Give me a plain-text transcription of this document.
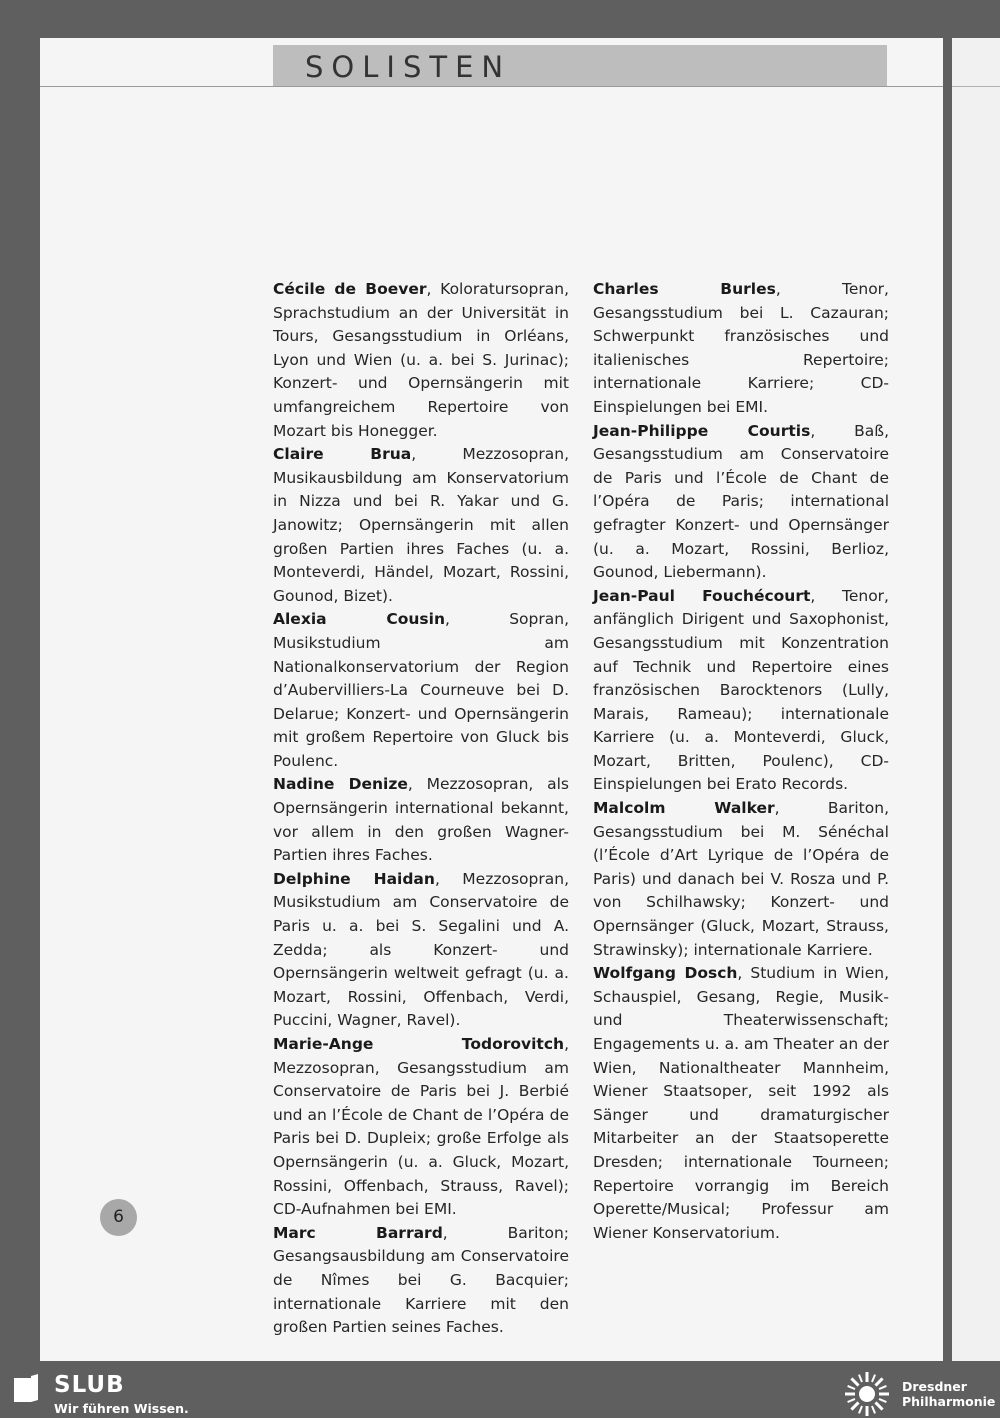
SOLISTEN

Cécile de Boever, Koloratursopran, Sprachstudium an der Universität in Tours, Gesangsstudium in Orléans, Lyon und Wien (u. a. bei S. Jurinac); Konzert- und Opernsängerin mit umfangreichem Repertoire von Mozart bis Honegger.

Claire Brua, Mezzosopran, Musikausbildung am Konservatorium in Nizza und bei R. Yakar und G. Janowitz; Opernsängerin mit allen großen Partien ihres Faches (u. a. Monteverdi, Händel, Mozart, Rossini, Gounod, Bizet).

Alexia Cousin, Sopran, Musikstudium am Nationalkonservatorium der Region d’Aubervilliers-La Courneuve bei D. Delarue; Konzert- und Opernsängerin mit großem Repertoire von Gluck bis Poulenc.

Nadine Denize, Mezzosopran, als Opernsängerin international bekannt, vor allem in den großen Wagner-Partien ihres Faches.

Delphine Haidan, Mezzosopran, Musikstudium am Conservatoire de Paris u. a. bei S. Segalini und A. Zedda; als Konzert- und Opernsängerin weltweit gefragt (u. a. Mozart, Rossini, Offenbach, Verdi, Puccini, Wagner, Ravel).

Marie-Ange Todorovitch, Mezzosopran, Gesangsstudium am Conservatoire de Paris bei J. Berbié und an l’École de Chant de l’Opéra de Paris bei D. Dupleix; große Erfolge als Opernsängerin (u. a. Gluck, Mozart, Rossini, Offenbach, Strauss, Ravel); CD-Aufnahmen bei EMI.

Marc Barrard, Bariton; Gesangsausbildung am Conservatoire de Nîmes bei G. Bacquier; internationale Karriere mit den großen Partien seines Faches.

Charles Burles, Tenor, Gesangsstudium bei L. Cazauran; Schwerpunkt französisches und italienisches Repertoire; internationale Karriere; CD-Einspielungen bei EMI.

Jean-Philippe Courtis, Baß, Gesangsstudium am Conservatoire de Paris und l’École de Chant de l’Opéra de Paris; international gefragter Konzert- und Opernsänger (u. a. Mozart, Rossini, Berlioz, Gounod, Liebermann).

Jean-Paul Fouchécourt, Tenor, anfänglich Dirigent und Saxophonist, Gesangsstudium mit Konzentration auf Technik und Repertoire eines französischen Barocktenors (Lully, Marais, Rameau); internationale Karriere (u. a. Monteverdi, Gluck, Mozart, Britten, Poulenc), CD-Einspielungen bei Erato Records.

Malcolm Walker, Bariton, Gesangsstudium bei M. Sénéchal (l’École d’Art Lyrique de l’Opéra de Paris) und danach bei V. Rosza und P. von Schilhawsky; Konzert- und Opernsänger (Gluck, Mozart, Strauss, Strawinsky); internationale Karriere.

Wolfgang Dosch, Studium in Wien, Schauspiel, Gesang, Regie, Musik- und Theaterwissenschaft; Engagements u. a. am Theater an der Wien, Nationaltheater Mannheim, Wiener Staatsoper, seit 1992 als Sänger und dramaturgischer Mitarbeiter an der Staatsoperette Dresden; internationale Tourneen; Repertoire vorrangig im Bereich Operette/Musical; Professur am Wiener Konservatorium.

6
SLUB
Wir führen Wissen.
Dresdner
Philharmonie
